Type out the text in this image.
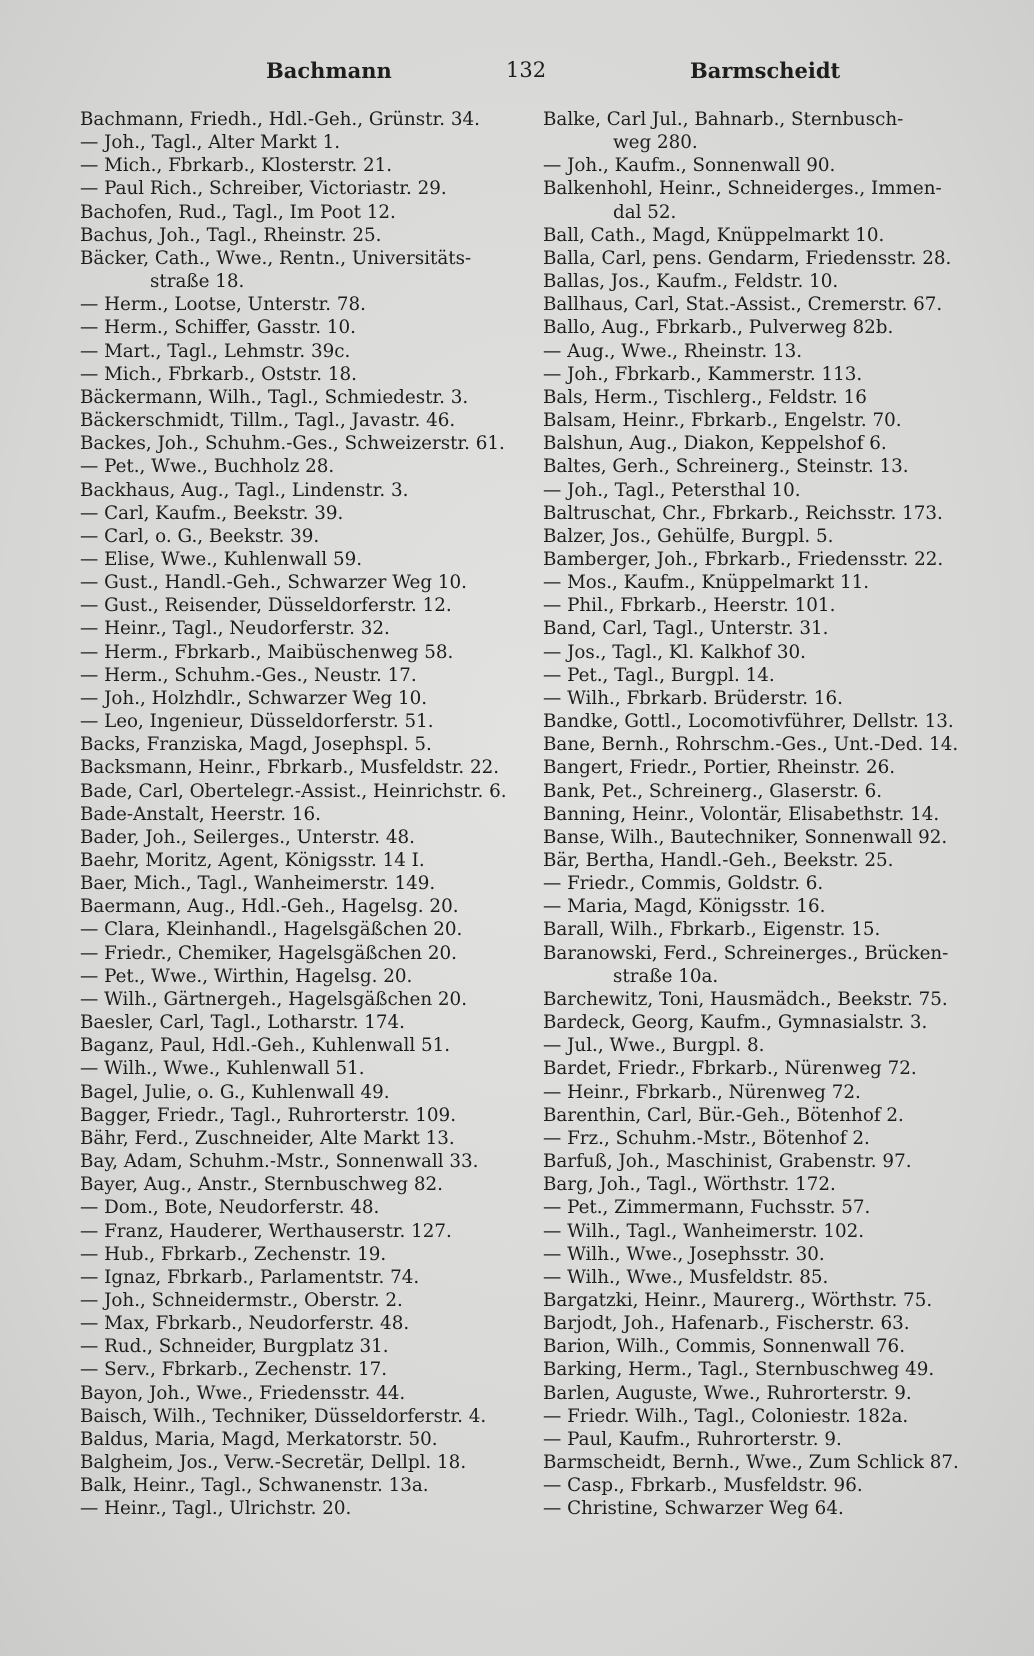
Bachmann	132	Barmscheidt
Bachmann, Friedh., Hdl.-Geh., Grünstr. 34.
— Joh., Tagl., Alter Markt 1.
— Mich., Fbrkarb., Klosterstr. 21.
— Paul Rich., Schreiber, Victoriastr. 29.
Bachofen, Rud., Tagl., Im Poot 12.
Bachus, Joh., Tagl., Rheinstr. 25.
Bäcker, Cath., Wwe., Rentn., Universitäts-
straße 18.
— Herm., Lootse, Unterstr. 78.
— Herm., Schiffer, Gasstr. 10.
— Mart., Tagl., Lehmstr. 39c.
— Mich., Fbrkarb., Oststr. 18.
Bäckermann, Wilh., Tagl., Schmiedestr. 3.
Bäckerschmidt, Tillm., Tagl., Javastr. 46.
Backes, Joh., Schuhm.-Ges., Schweizerstr. 61.
— Pet., Wwe., Buchholz 28.
Backhaus, Aug., Tagl., Lindenstr. 3.
— Carl, Kaufm., Beekstr. 39.
— Carl, o. G., Beekstr. 39.
— Elise, Wwe., Kuhlenwall 59.
— Gust., Handl.-Geh., Schwarzer Weg 10.
— Gust., Reisender, Düsseldorferstr. 12.
— Heinr., Tagl., Neudorferstr. 32.
— Herm., Fbrkarb., Maibüschenweg 58.
— Herm., Schuhm.-Ges., Neustr. 17.
— Joh., Holzhdlr., Schwarzer Weg 10.
— Leo, Ingenieur, Düsseldorferstr. 51.
Backs, Franziska, Magd, Josephspl. 5.
Backsmann, Heinr., Fbrkarb., Musfeldstr. 22.
Bade, Carl, Obertelegr.-Assist., Heinrichstr. 6.
Bade-Anstalt, Heerstr. 16.
Bader, Joh., Seilerges., Unterstr. 48.
Baehr, Moritz, Agent, Königsstr. 14 I.
Baer, Mich., Tagl., Wanheimerstr. 149.
Baermann, Aug., Hdl.-Geh., Hagelsg. 20.
— Clara, Kleinhandl., Hagelsgäßchen 20.
— Friedr., Chemiker, Hagelsgäßchen 20.
— Pet., Wwe., Wirthin, Hagelsg. 20.
— Wilh., Gärtnergeh., Hagelsgäßchen 20.
Baesler, Carl, Tagl., Lotharstr. 174.
Baganz, Paul, Hdl.-Geh., Kuhlenwall 51.
— Wilh., Wwe., Kuhlenwall 51.
Bagel, Julie, o. G., Kuhlenwall 49.
Bagger, Friedr., Tagl., Ruhrorterstr. 109.
Bähr, Ferd., Zuschneider, Alte Markt 13.
Bay, Adam, Schuhm.-Mstr., Sonnenwall 33.
Bayer, Aug., Anstr., Sternbuschweg 82.
— Dom., Bote, Neudorferstr. 48.
— Franz, Hauderer, Werthauserstr. 127.
— Hub., Fbrkarb., Zechenstr. 19.
— Ignaz, Fbrkarb., Parlamentstr. 74.
— Joh., Schneidermstr., Oberstr. 2.
— Max, Fbrkarb., Neudorferstr. 48.
— Rud., Schneider, Burgplatz 31.
— Serv., Fbrkarb., Zechenstr. 17.
Bayon, Joh., Wwe., Friedensstr. 44.
Baisch, Wilh., Techniker, Düsseldorferstr. 4.
Baldus, Maria, Magd, Merkatorstr. 50.
Balgheim, Jos., Verw.-Secretär, Dellpl. 18.
Balk, Heinr., Tagl., Schwanenstr. 13a.
— Heinr., Tagl., Ulrichstr. 20.
Balke, Carl Jul., Bahnarb., Sternbusch-
weg 280.
— Joh., Kaufm., Sonnenwall 90.
Balkenhohl, Heinr., Schneiderges., Immen-
dal 52.
Ball, Cath., Magd, Knüppelmarkt 10.
Balla, Carl, pens. Gendarm, Friedensstr. 28.
Ballas, Jos., Kaufm., Feldstr. 10.
Ballhaus, Carl, Stat.-Assist., Cremerstr. 67.
Ballo, Aug., Fbrkarb., Pulverweg 82b.
— Aug., Wwe., Rheinstr. 13.
— Joh., Fbrkarb., Kammerstr. 113.
Bals, Herm., Tischlerg., Feldstr. 16
Balsam, Heinr., Fbrkarb., Engelstr. 70.
Balshun, Aug., Diakon, Keppelshof 6.
Baltes, Gerh., Schreinerg., Steinstr. 13.
— Joh., Tagl., Petersthal 10.
Baltruschat, Chr., Fbrkarb., Reichsstr. 173.
Balzer, Jos., Gehülfe, Burgpl. 5.
Bamberger, Joh., Fbrkarb., Friedensstr. 22.
— Mos., Kaufm., Knüppelmarkt 11.
— Phil., Fbrkarb., Heerstr. 101.
Band, Carl, Tagl., Unterstr. 31.
— Jos., Tagl., Kl. Kalkhof 30.
— Pet., Tagl., Burgpl. 14.
— Wilh., Fbrkarb. Brüderstr. 16.
Bandke, Gottl., Locomotivführer, Dellstr. 13.
Bane, Bernh., Rohrschm.-Ges., Unt.-Ded. 14.
Bangert, Friedr., Portier, Rheinstr. 26.
Bank, Pet., Schreinerg., Glaserstr. 6.
Banning, Heinr., Volontär, Elisabethstr. 14.
Banse, Wilh., Bautechniker, Sonnenwall 92.
Bär, Bertha, Handl.-Geh., Beekstr. 25.
— Friedr., Commis, Goldstr. 6.
— Maria, Magd, Königsstr. 16.
Barall, Wilh., Fbrkarb., Eigenstr. 15.
Baranowski, Ferd., Schreinerges., Brücken-
straße 10a.
Barchewitz, Toni, Hausmädch., Beekstr. 75.
Bardeck, Georg, Kaufm., Gymnasialstr. 3.
— Jul., Wwe., Burgpl. 8.
Bardet, Friedr., Fbrkarb., Nürenweg 72.
— Heinr., Fbrkarb., Nürenweg 72.
Barenthin, Carl, Bür.-Geh., Bötenhof 2.
— Frz., Schuhm.-Mstr., Bötenhof 2.
Barfuß, Joh., Maschinist, Grabenstr. 97.
Barg, Joh., Tagl., Wörthstr. 172.
— Pet., Zimmermann, Fuchsstr. 57.
— Wilh., Tagl., Wanheimerstr. 102.
— Wilh., Wwe., Josephsstr. 30.
— Wilh., Wwe., Musfeldstr. 85.
Bargatzki, Heinr., Maurerg., Wörthstr. 75.
Barjodt, Joh., Hafenarb., Fischerstr. 63.
Barion, Wilh., Commis, Sonnenwall 76.
Barking, Herm., Tagl., Sternbuschweg 49.
Barlen, Auguste, Wwe., Ruhrorterstr. 9.
— Friedr. Wilh., Tagl., Coloniestr. 182a.
— Paul, Kaufm., Ruhrorterstr. 9.
Barmscheidt, Bernh., Wwe., Zum Schlick 87.
— Casp., Fbrkarb., Musfeldstr. 96.
— Christine, Schwarzer Weg 64.
